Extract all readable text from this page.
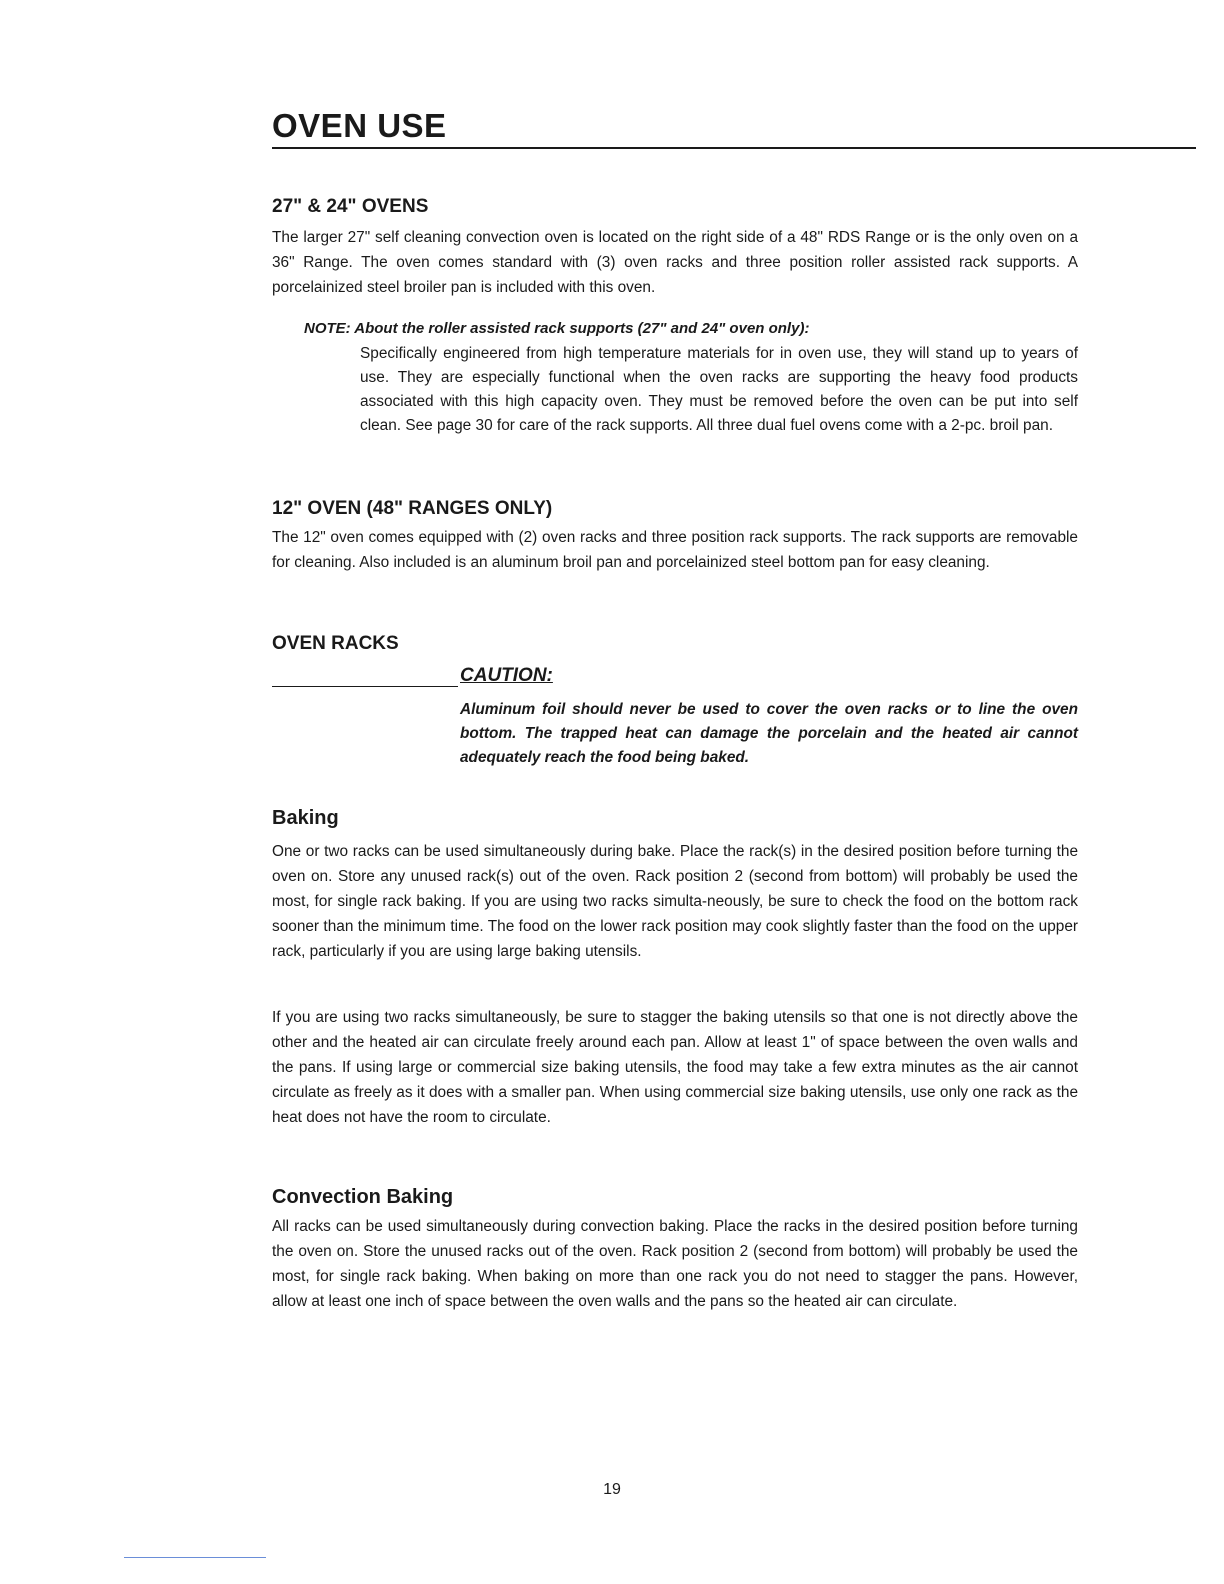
OVEN USE
27" & 24" OVENS

The larger 27" self cleaning convection oven is located on the right side of a 48" RDS Range or is the only oven on a 36" Range. The oven comes standard with (3) oven racks and three position roller assisted rack supports. A porcelainized steel broiler pan is included with this oven.

NOTE: About the roller assisted rack supports (27" and 24" oven only):

Specifically engineered from high temperature materials for in oven use, they will stand up to years of use. They are especially functional when the oven racks are supporting the heavy food products associated with this high capacity oven. They must be removed before the oven can be put into self clean. See page 30 for care of the rack supports. All three dual fuel ovens come with a 2-pc. broil pan.

12" OVEN (48" RANGES ONLY)

The 12" oven comes equipped with (2) oven racks and three position rack supports. The rack supports are removable for cleaning. Also included is an aluminum broil pan and porcelainized steel bottom pan for easy cleaning.

OVEN RACKS

CAUTION:

Aluminum foil should never be used to cover the oven racks or to line the oven bottom. The trapped heat can damage the porcelain and the heated air cannot adequately reach the food being baked.

Baking

One or two racks can be used simultaneously during bake. Place the rack(s) in the desired position before turning the oven on. Store any unused rack(s) out of the oven. Rack position 2 (second from bottom) will probably be used the most, for single rack baking. If you are using two racks simulta-neously, be sure to check the food on the bottom rack sooner than the minimum time. The food on the lower rack position may cook slightly faster than the food on the upper rack, particularly if you are using large baking utensils.

If you are using two racks simultaneously, be sure to stagger the baking utensils so that one is not directly above the other and the heated air can circulate freely around each pan. Allow at least 1" of space between the oven walls and the pans. If using large or commercial size baking utensils, the food may take a few extra minutes as the air cannot circulate as freely as it does with a smaller pan. When using commercial size baking utensils, use only one rack as the heat does not have the room to circulate.

Convection Baking

All racks can be used simultaneously during convection baking. Place the racks in the desired position before turning the oven on. Store the unused racks out of the oven. Rack position 2 (second from bottom) will probably be used the most, for single rack baking. When baking on more than one rack you do not need to stagger the pans. However, allow at least one inch of space between the oven walls and the pans so the heated air can circulate.

19
